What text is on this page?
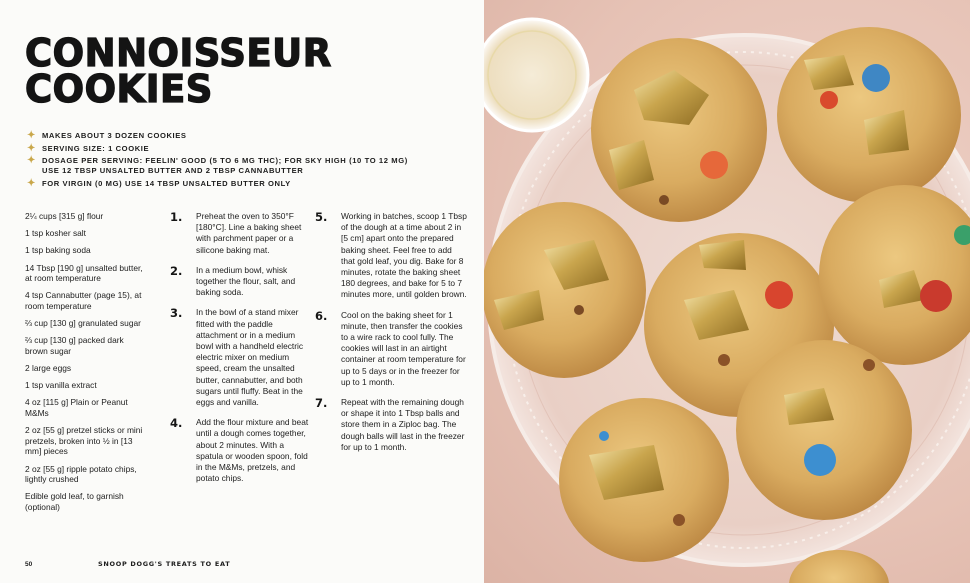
CONNOISSEUR
COOKIES
✦ MAKES ABOUT 3 DOZEN COOKIES
✦ SERVING SIZE: 1 COOKIE
✦ DOSAGE PER SERVING: FEELIN' GOOD (5 TO 6 MG THC); FOR SKY HIGH (10 TO 12 MG)
USE 12 TBSP UNSALTED BUTTER AND 2 TBSP CANNABUTTER
✦ FOR VIRGIN (0 MG) USE 14 TBSP UNSALTED BUTTER ONLY
2¼ cups [315 g] flour
1 tsp kosher salt
1 tsp baking soda
14 Tbsp [190 g] unsalted butter, at room temperature
4 tsp Cannabutter (page 15), at room temperature
⅔ cup [130 g] granulated sugar
⅔ cup [130 g] packed dark brown sugar
2 large eggs
1 tsp vanilla extract
4 oz [115 g] Plain or Peanut M&Ms
2 oz [55 g] pretzel sticks or mini pretzels, broken into ½ in [13 mm] pieces
2 oz [55 g] ripple potato chips, lightly crushed
Edible gold leaf, to garnish (optional)
1. Preheat the oven to 350°F [180°C]. Line a baking sheet with parchment paper or a silicone baking mat.
2. In a medium bowl, whisk together the flour, salt, and baking soda.
3. In the bowl of a stand mixer fitted with the paddle attachment or in a medium bowl with a handheld electric electric mixer on medium speed, cream the unsalted butter, cannabutter, and both sugars until fluffy. Beat in the eggs and vanilla.
4. Add the flour mixture and beat until a dough comes together, about 2 minutes. With a spatula or wooden spoon, fold in the M&Ms, pretzels, and potato chips.
5. Working in batches, scoop 1 Tbsp of the dough at a time about 2 in [5 cm] apart onto the prepared baking sheet. Feel free to add that gold leaf, you dig. Bake for 8 minutes, rotate the baking sheet 180 degrees, and bake for 5 to 7 minutes more, until golden brown.
6. Cool on the baking sheet for 1 minute, then transfer the cookies to a wire rack to cool fully. The cookies will last in an airtight container at room temperature for up to 5 days or in the freezer for up to 1 month.
7. Repeat with the remaining dough or shape it into 1 Tbsp balls and store them in a Ziploc bag. The dough balls will last in the freezer for up to 1 month.
50	SNOOP DOGG'S TREATS TO EAT
